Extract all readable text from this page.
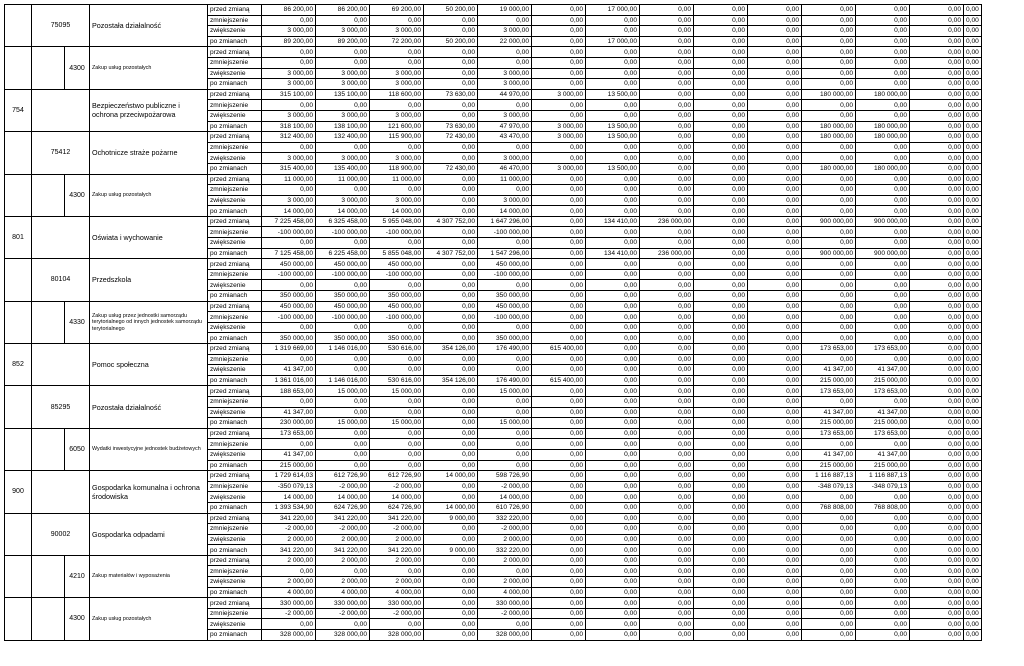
	75095		Pozostała działalność	przed zmianą	86 200,00	86 200,00	69 200,00	50 200,00	19 000,00	0,00	17 000,00	0,00	0,00	0,00	0,00	0,00	0,00	0,00
				zmniejszenie	0,00	0,00	0,00	0,00	0,00	0,00	0,00	0,00	0,00	0,00	0,00	0,00	0,00	0,00
				zwiększenie	3 000,00	3 000,00	3 000,00	0,00	3 000,00	0,00	0,00	0,00	0,00	0,00	0,00	0,00	0,00	0,00
				po zmianach	89 200,00	89 200,00	72 200,00	50 200,00	22 000,00	0,00	17 000,00	0,00	0,00	0,00	0,00	0,00	0,00	0,00
		4300	Zakup usług pozostałych	przed zmianą	0,00	0,00	0,00	0,00	0,00	0,00	0,00	0,00	0,00	0,00	0,00	0,00	0,00	0,00
				zmniejszenie	0,00	0,00	0,00	0,00	0,00	0,00	0,00	0,00	0,00	0,00	0,00	0,00	0,00	0,00
				zwiększenie	3 000,00	3 000,00	3 000,00	0,00	3 000,00	0,00	0,00	0,00	0,00	0,00	0,00	0,00	0,00	0,00
				po zmianach	3 000,00	3 000,00	3 000,00	0,00	3 000,00	0,00	0,00	0,00	0,00	0,00	0,00	0,00	0,00	0,00
754			Bezpieczeństwo publiczne i ochrona przeciwpożarowa	przed zmianą	315 100,00	135 100,00	118 600,00	73 630,00	44 970,00	3 000,00	13 500,00	0,00	0,00	0,00	180 000,00	180 000,00	0,00	0,00
				zmniejszenie	0,00	0,00	0,00	0,00	0,00	0,00	0,00	0,00	0,00	0,00	0,00	0,00	0,00	0,00
				zwiększenie	3 000,00	3 000,00	3 000,00	0,00	3 000,00	0,00	0,00	0,00	0,00	0,00	0,00	0,00	0,00	0,00
				po zmianach	318 100,00	138 100,00	121 600,00	73 630,00	47 970,00	3 000,00	13 500,00	0,00	0,00	0,00	180 000,00	180 000,00	0,00	0,00
	75412		Ochotnicze straże pożarne	przed zmianą	312 400,00	132 400,00	115 900,00	72 430,00	43 470,00	3 000,00	13 500,00	0,00	0,00	0,00	180 000,00	180 000,00	0,00	0,00
				zmniejszenie	0,00	0,00	0,00	0,00	0,00	0,00	0,00	0,00	0,00	0,00	0,00	0,00	0,00	0,00
				zwiększenie	3 000,00	3 000,00	3 000,00	0,00	3 000,00	0,00	0,00	0,00	0,00	0,00	0,00	0,00	0,00	0,00
				po zmianach	315 400,00	135 400,00	118 900,00	72 430,00	46 470,00	3 000,00	13 500,00	0,00	0,00	0,00	180 000,00	180 000,00	0,00	0,00
		4300	Zakup usług pozostałych	przed zmianą	11 000,00	11 000,00	11 000,00	0,00	11 000,00	0,00	0,00	0,00	0,00	0,00	0,00	0,00	0,00	0,00
				zmniejszenie	0,00	0,00	0,00	0,00	0,00	0,00	0,00	0,00	0,00	0,00	0,00	0,00	0,00	0,00
				zwiększenie	3 000,00	3 000,00	3 000,00	0,00	3 000,00	0,00	0,00	0,00	0,00	0,00	0,00	0,00	0,00	0,00
				po zmianach	14 000,00	14 000,00	14 000,00	0,00	14 000,00	0,00	0,00	0,00	0,00	0,00	0,00	0,00	0,00	0,00
801			Oświata i wychowanie	przed zmianą	7 225 458,00	6 325 458,00	5 955 048,00	4 307 752,00	1 647 296,00	0,00	134 410,00	236 000,00	0,00	0,00	900 000,00	900 000,00	0,00	0,00
				zmniejszenie	-100 000,00	-100 000,00	-100 000,00	0,00	-100 000,00	0,00	0,00	0,00	0,00	0,00	0,00	0,00	0,00	0,00
				zwiększenie	0,00	0,00	0,00	0,00	0,00	0,00	0,00	0,00	0,00	0,00	0,00	0,00	0,00	0,00
				po zmianach	7 125 458,00	6 225 458,00	5 855 048,00	4 307 752,00	1 547 296,00	0,00	134 410,00	236 000,00	0,00	0,00	900 000,00	900 000,00	0,00	0,00
	80104		Przedszkola	przed zmianą	450 000,00	450 000,00	450 000,00	0,00	450 000,00	0,00	0,00	0,00	0,00	0,00	0,00	0,00	0,00	0,00
				zmniejszenie	-100 000,00	-100 000,00	-100 000,00	0,00	-100 000,00	0,00	0,00	0,00	0,00	0,00	0,00	0,00	0,00	0,00
				zwiększenie	0,00	0,00	0,00	0,00	0,00	0,00	0,00	0,00	0,00	0,00	0,00	0,00	0,00	0,00
				po zmianach	350 000,00	350 000,00	350 000,00	0,00	350 000,00	0,00	0,00	0,00	0,00	0,00	0,00	0,00	0,00	0,00
		4330	Zakup usług przez jednostki samorządu terytorialnego od innych jednostek samorządu terytorialnego	przed zmianą	450 000,00	450 000,00	450 000,00	0,00	450 000,00	0,00	0,00	0,00	0,00	0,00	0,00	0,00	0,00	0,00
				zmniejszenie	-100 000,00	-100 000,00	-100 000,00	0,00	-100 000,00	0,00	0,00	0,00	0,00	0,00	0,00	0,00	0,00	0,00
				zwiększenie	0,00	0,00	0,00	0,00	0,00	0,00	0,00	0,00	0,00	0,00	0,00	0,00	0,00	0,00
				po zmianach	350 000,00	350 000,00	350 000,00	0,00	350 000,00	0,00	0,00	0,00	0,00	0,00	0,00	0,00	0,00	0,00
852			Pomoc społeczna	przed zmianą	1 319 669,00	1 146 016,00	530 616,00	354 126,00	176 490,00	615 400,00	0,00	0,00	0,00	0,00	173 653,00	173 653,00	0,00	0,00
				zmniejszenie	0,00	0,00	0,00	0,00	0,00	0,00	0,00	0,00	0,00	0,00	0,00	0,00	0,00	0,00
				zwiększenie	41 347,00	0,00	0,00	0,00	0,00	0,00	0,00	0,00	0,00	0,00	41 347,00	41 347,00	0,00	0,00
				po zmianach	1 361 016,00	1 146 016,00	530 616,00	354 126,00	176 490,00	615 400,00	0,00	0,00	0,00	0,00	215 000,00	215 000,00	0,00	0,00
	85295		Pozostała działalność	przed zmianą	188 653,00	15 000,00	15 000,00	0,00	15 000,00	0,00	0,00	0,00	0,00	0,00	173 653,00	173 653,00	0,00	0,00
				zmniejszenie	0,00	0,00	0,00	0,00	0,00	0,00	0,00	0,00	0,00	0,00	0,00	0,00	0,00	0,00
				zwiększenie	41 347,00	0,00	0,00	0,00	0,00	0,00	0,00	0,00	0,00	0,00	41 347,00	41 347,00	0,00	0,00
				po zmianach	230 000,00	15 000,00	15 000,00	0,00	15 000,00	0,00	0,00	0,00	0,00	0,00	215 000,00	215 000,00	0,00	0,00
		6050	Wydatki inwestycyjne jednostek budżetowych	przed zmianą	173 653,00	0,00	0,00	0,00	0,00	0,00	0,00	0,00	0,00	0,00	173 653,00	173 653,00	0,00	0,00
				zmniejszenie	0,00	0,00	0,00	0,00	0,00	0,00	0,00	0,00	0,00	0,00	0,00	0,00	0,00	0,00
				zwiększenie	41 347,00	0,00	0,00	0,00	0,00	0,00	0,00	0,00	0,00	0,00	41 347,00	41 347,00	0,00	0,00
				po zmianach	215 000,00	0,00	0,00	0,00	0,00	0,00	0,00	0,00	0,00	0,00	215 000,00	215 000,00	0,00	0,00
900			Gospodarka komunalna i ochrona środowiska	przed zmianą	1 729 614,03	612 726,90	612 726,90	14 000,00	598 726,90	0,00	0,00	0,00	0,00	0,00	1 116 887,13	1 116 887,13	0,00	0,00
				zmniejszenie	-350 079,13	-2 000,00	-2 000,00	0,00	-2 000,00	0,00	0,00	0,00	0,00	0,00	-348 079,13	-348 079,13	0,00	0,00
				zwiększenie	14 000,00	14 000,00	14 000,00	0,00	14 000,00	0,00	0,00	0,00	0,00	0,00	0,00	0,00	0,00	0,00
				po zmianach	1 393 534,90	624 726,90	624 726,90	14 000,00	610 726,90	0,00	0,00	0,00	0,00	0,00	768 808,00	768 808,00	0,00	0,00
	90002		Gospodarka odpadami	przed zmianą	341 220,00	341 220,00	341 220,00	9 000,00	332 220,00	0,00	0,00	0,00	0,00	0,00	0,00	0,00	0,00	0,00
				zmniejszenie	-2 000,00	-2 000,00	-2 000,00	0,00	-2 000,00	0,00	0,00	0,00	0,00	0,00	0,00	0,00	0,00	0,00
				zwiększenie	2 000,00	2 000,00	2 000,00	0,00	2 000,00	0,00	0,00	0,00	0,00	0,00	0,00	0,00	0,00	0,00
				po zmianach	341 220,00	341 220,00	341 220,00	9 000,00	332 220,00	0,00	0,00	0,00	0,00	0,00	0,00	0,00	0,00	0,00
		4210	Zakup materiałów i wyposażenia	przed zmianą	2 000,00	2 000,00	2 000,00	0,00	2 000,00	0,00	0,00	0,00	0,00	0,00	0,00	0,00	0,00	0,00
				zmniejszenie	0,00	0,00	0,00	0,00	0,00	0,00	0,00	0,00	0,00	0,00	0,00	0,00	0,00	0,00
				zwiększenie	2 000,00	2 000,00	2 000,00	0,00	2 000,00	0,00	0,00	0,00	0,00	0,00	0,00	0,00	0,00	0,00
				po zmianach	4 000,00	4 000,00	4 000,00	0,00	4 000,00	0,00	0,00	0,00	0,00	0,00	0,00	0,00	0,00	0,00
		4300	Zakup usług pozostałych	przed zmianą	330 000,00	330 000,00	330 000,00	0,00	330 000,00	0,00	0,00	0,00	0,00	0,00	0,00	0,00	0,00	0,00
				zmniejszenie	-2 000,00	-2 000,00	-2 000,00	0,00	-2 000,00	0,00	0,00	0,00	0,00	0,00	0,00	0,00	0,00	0,00
				zwiększenie	0,00	0,00	0,00	0,00	0,00	0,00	0,00	0,00	0,00	0,00	0,00	0,00	0,00	0,00
				po zmianach	328 000,00	328 000,00	328 000,00	0,00	328 000,00	0,00	0,00	0,00	0,00	0,00	0,00	0,00	0,00	0,00
